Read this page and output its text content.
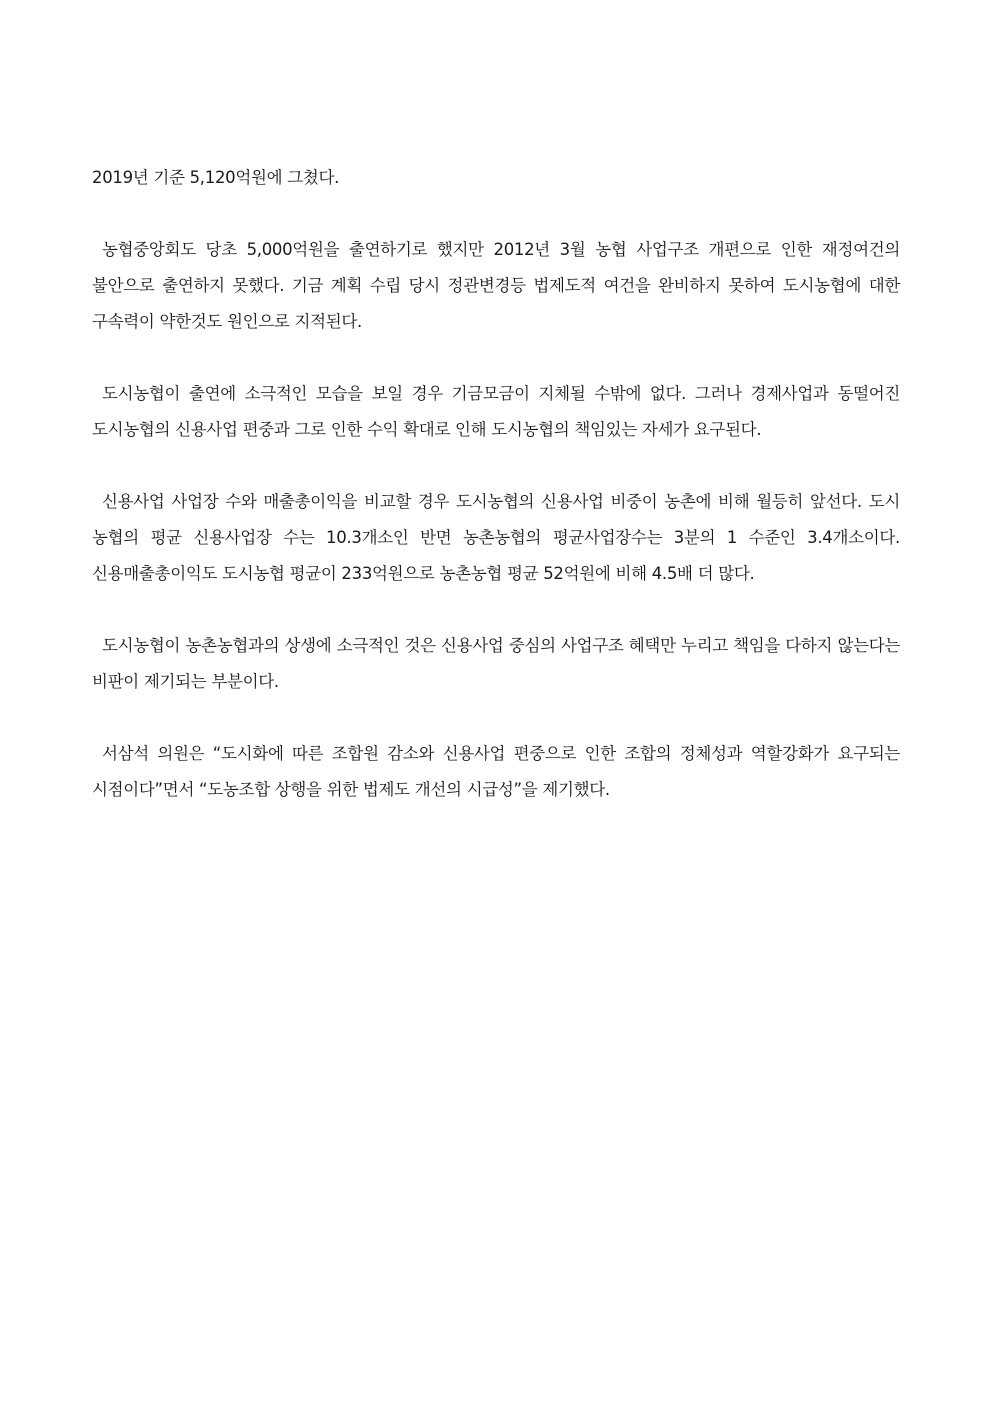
2019년 기준 5,120억원에 그쳤다.

농협중앙회도 당초 5,000억원을 출연하기로 했지만 2012년 3월 농협 사업구조 개편으로 인한 재정여건의 불안으로 출연하지 못했다. 기금 계획 수립 당시 정관변경등 법제도적 여건을 완비하지 못하여 도시농협에 대한 구속력이 약한것도 원인으로 지적된다.

도시농협이 출연에 소극적인 모습을 보일 경우 기금모금이 지체될 수밖에 없다. 그러나 경제사업과 동떨어진 도시농협의 신용사업 편중과 그로 인한 수익 확대로 인해 도시농협의 책임있는 자세가 요구된다.

신용사업 사업장 수와 매출총이익을 비교할 경우 도시농협의 신용사업 비중이 농촌에 비해 월등히 앞선다. 도시 농협의 평균 신용사업장 수는 10.3개소인 반면 농촌농협의 평균사업장수는 3분의 1 수준인 3.4개소이다. 신용매출총이익도 도시농협 평균이 233억원으로 농촌농협 평균 52억원에 비해 4.5배 더 많다.

도시농협이 농촌농협과의 상생에 소극적인 것은 신용사업 중심의 사업구조 혜택만 누리고 책임을 다하지 않는다는 비판이 제기되는 부분이다.

서삼석 의원은 “도시화에 따른 조합원 감소와 신용사업 편중으로 인한 조합의 정체성과 역할강화가 요구되는 시점이다”면서 “도농조합 상행을 위한 법제도 개선의 시급성”을 제기했다.
